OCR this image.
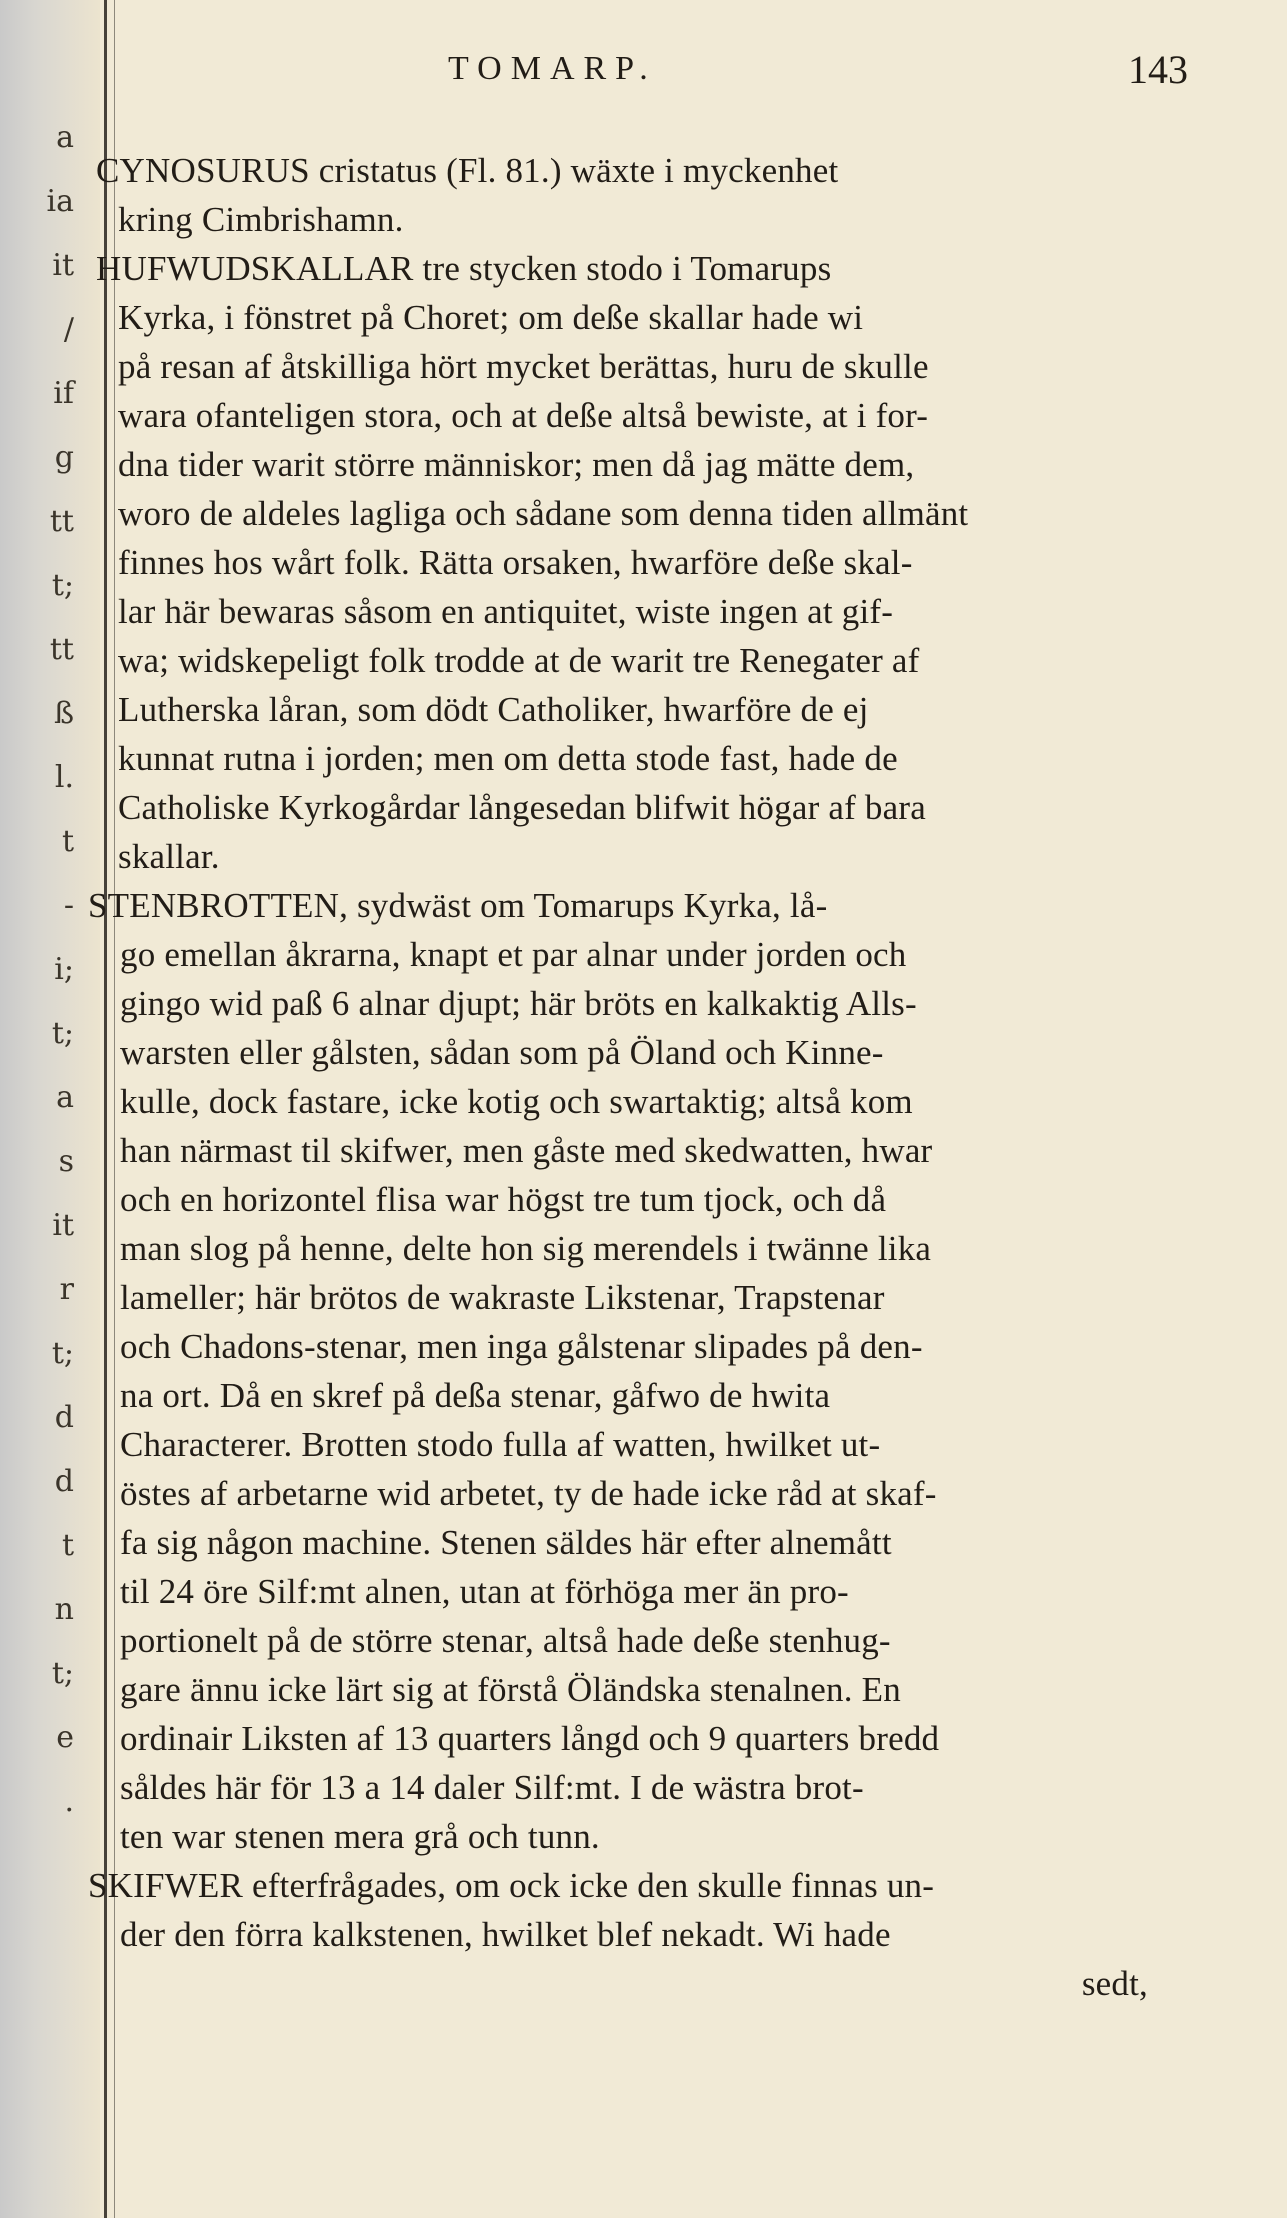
a
ia
it
/
if
g
tt
t;
tt
ß
l.
t
-
i;
t;
a
s
it
r
t;
d
d
t
n
t;
e
.
TOMARP.	143
CYNOSURUS cristatus (Fl. 81.) wäxte i myckenhet
kring Cimbrishamn.
HUFWUDSKALLAR tre stycken stodo i Tomarups
Kyrka, i fönstret på Choret; om deße skallar hade wi
på resan af åtskilliga hört mycket berättas, huru de skulle
wara ofanteligen stora, och at deße altså bewiste, at i for-
dna tider warit större människor; men då jag mätte dem,
woro de aldeles lagliga och sådane som denna tiden allmänt
finnes hos wårt folk. Rätta orsaken, hwarföre deße skal-
lar här bewaras såsom en antiquitet, wiste ingen at gif-
wa; widskepeligt folk trodde at de warit tre Renegater af
Lutherska låran, som dödt Catholiker, hwarföre de ej
kunnat rutna i jorden; men om detta stode fast, hade de
Catholiske Kyrkogårdar långesedan blifwit högar af bara
skallar.
STENBROTTEN, sydwäst om Tomarups Kyrka, lå-
go emellan åkrarna, knapt et par alnar under jorden och
gingo wid paß 6 alnar djupt; här bröts en kalkaktig Alls-
warsten eller gålsten, sådan som på Öland och Kinne-
kulle, dock fastare, icke kotig och swartaktig; altså kom
han närmast til skifwer, men gåste med skedwatten, hwar
och en horizontel flisa war högst tre tum tjock, och då
man slog på henne, delte hon sig merendels i twänne lika
lameller; här brötos de wakraste Likstenar, Trapstenar
och Chadons-stenar, men inga gålstenar slipades på den-
na ort. Då en skref på deßa stenar, gåfwo de hwita
Characterer. Brotten stodo fulla af watten, hwilket ut-
östes af arbetarne wid arbetet, ty de hade icke råd at skaf-
fa sig någon machine. Stenen säldes här efter alnemått
til 24 öre Silf:mt alnen, utan at förhöga mer än pro-
portionelt på de större stenar, altså hade deße stenhug-
gare ännu icke lärt sig at förstå Öländska stenalnen. En
ordinair Liksten af 13 quarters långd och 9 quarters bredd
såldes här för 13 a 14 daler Silf:mt. I de wästra brot-
ten war stenen mera grå och tunn.
SKIFWER efterfrågades, om ock icke den skulle finnas un-
der den förra kalkstenen, hwilket blef nekadt. Wi hade
sedt,
